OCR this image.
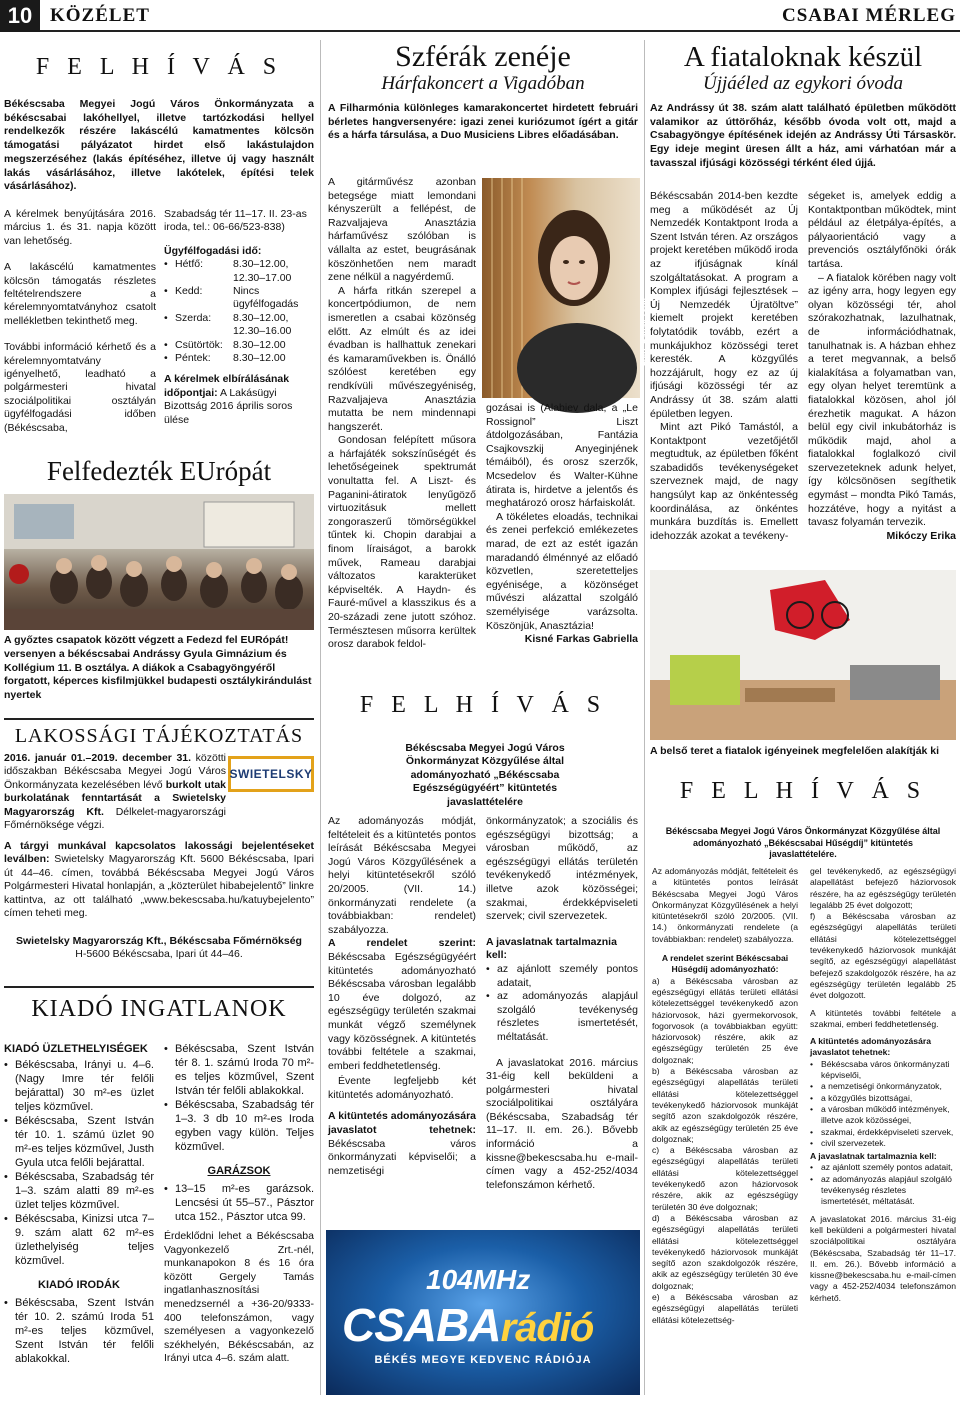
10 KÖZÉLET	CSABAI MÉRLEG
F E L H Í V Á S
Békéscsaba Megyei Jogú Város Önkormányzata a békéscsabai lakóhellyel, illetve tartózkodási hellyel rendelkezők részére lakáscélú kamatmentes kölcsön támogatási pályázatot hirdet első lakástulajdon megszerzéséhez (lakás építéséhez, illetve új vagy használt lakás vásárlásához, illetve lakótelek, építési telek vásárlásához).

A kérelmek benyújtására 2016. március 1. és 31. napja között van lehetőség.

A lakáscélú kamatmentes kölcsön támogatás részletes feltételrendszere a kérelemnyomtatványhoz csatolt mellékletben tekinthető meg.

További információ kérhető és a kérelemnyomtatvány igényelhető, leadható a polgármesteri hivatal szociálpolitikai osztályán ügyfélfogadási időben (Békéscsaba,

Szabadság tér 11–17. II. 23-as iroda, tel.: 06-66/523-838)

Ügyfélfogadási idő:

• Hétfő:	8.30–12.00, 12.30–17.00
• Kedd:	Nincs ügyfélfogadás
• Szerda:	8.30–12.00, 12.30–16.00
• Csütörtök: 8.30–12.00
• Péntek:	8.30–12.00

A kérelmek elbírálásának időpontjai: A Lakásügyi Bizottság 2016 április soros ülése

Felfedezték EUrópát
A győztes csapatok között végzett a Fedezd fel EURópát! versenyen a békéscsabai Andrássy Gyula Gimnázium és Kollégium 11. B osztálya. A diákok a Csabagyöngyéről forgatott, képerces kisfilmjükkel budapesti osztálykirándulást nyertek
LAKOSSÁGI TÁJÉKOZTATÁS
2016. január 01.–2019. december 31. közötti időszakban Békéscsaba Megyei Jogú Város Önkormányzata kezelésében lévő burkolt utak burkolatának fenntartását a Swietelsky Magyarország Kft. Délkelet-magyarországi Főmérnöksége végzi.
SWIETELSKY
A tárgyi munkával kapcsolatos lakossági bejelentéseket leválben: Swietelsky Magyarország Kft. 5600 Békéscsaba, Ipari út 44–46. címen, továbbá Békéscsaba Megyei Jogú Város Polgármesteri Hivatal honlapján, a „közterület hibabejelentő” linkre kattintva, az ott található „www.bekescsaba.hu/katuybejelento” címen teheti meg.

Swietelsky Magyarország Kft., Békéscsaba Főmérnökség

H-5600 Békéscsaba, Ipari út 44–46.

KIADÓ INGATLANOK

KIADÓ ÜZLETHELYISÉGEK

• Békéscsaba, Irányi u. 4–6. (Nagy Imre tér felőli bejárattal) 30 m²-es üzlet teljes közművel.
• Békéscsaba, Szent István tér 10. 1. számú üzlet 90 m²-es teljes közművel, Justh Gyula utca felőli bejárattal.
• Békéscsaba, Szabadság tér 1–3. szám alatti 89 m²-es üzlet teljes közművel.
• Békéscsaba, Kinizsi utca 7–9. szám alatt 62 m²-es üzlethelyiség teljes közművel.

KIADÓ IRODÁK

• Békéscsaba, Szent István tér 10. 2. számú Iroda 51 m²-es teljes közművel, Szent István tér felőli ablakokkal.
• Békéscsaba, Szent István tér 8. 1. számú Iroda 70 m²-es teljes közművel, Szent István tér felőli ablakokkal.
• Békéscsaba, Szabadság tér 1–3. 3 db 10 m²-es Iroda egyben vagy külön. Teljes közművel.

GARÁZSOK

• 13–15 m²-es garázsok. Lencsési út 55–57., Pásztor utca 152., Pásztor utca 99.

Érdeklődni lehet a Békéscsaba Vagyonkezelő Zrt.-nél, munkanapokon 8 és 16 óra között Gergely Tamás ingatlanhasznosítási menedzsernél a +36-20/9333-400 telefonszámon, vagy személyesen a vagyonkezelő székhelyén, Békéscsabán, az Irányi utca 4–6. szám alatt.

Szférák zenéje
Hárfakoncert a Vigadóban
A Filharmónia különleges kamarakoncertet hirdetett februári bérletes hangversenyére: igazi zenei kuriózumot ígért a gitár és a hárfa társulása, a Duo Musiciens Libres előadásában.

A gitárművész azonban betegsége miatt lemondani kényszerült a fellépést, de Razvaljajeva Anasztázia hárfaművész szólóban is vállalta az estet, beugrásának köszönhetően nem maradt zene nélkül a nagyérdemű.

A hárfa ritkán szerepel a koncertpódiumon, de nem ismeretlen a csabai közönség előtt. Az elmúlt és az idei évadban is hallhattuk zenekari és kamaraművekben is. Önálló szólóest keretében egy rendkívüli művészegyéniség, Razvaljajeva Anasztázia mutatta be nem mindennapi hangszerét.

Gondosan felépített műsora a hárfajáték sokszínűségét és lehetőségeinek spektrumát vonultatta fel. A Liszt- és Paganini-átiratok lenyűgöző virtuozitásuk mellett zongoraszerű tömörségükkel tűntek ki. Chopin darabjai a finom líraiságot, a barokk művek, Rameau darabjai változatos karakterüket képviselték. A Haydn- és Fauré-művel a klasszikus és a 20-századi zene jutott szóhoz. Természtesen műsorra kerültek orosz darabok feldol-

Fotó: Raffay Zsófi

gozásai is (Alabiev dala, a „Le Rossignol” Liszt átdolgozásában, Fantázia Csajkovszkij Anyeginjének témáiból), és orosz szerzők, Mcsedelov és Walter-Kühne átirata is, hirdetve a jelentős és meghatározó orosz hárfaiskolát.

A tökéletes eloadás, technikai és zenei perfekció emlékezetes marad, de ezt az estét igazán maradandó élménnyé az előadó közvetlen, szeretetteljes egyénisége, a közönséget művészi alázattal szolgáló személyisége varázsolta. Köszönjük, Anasztázia!

Kisné Farkas Gabriella

F E L H Í V Á S
Békéscsaba Megyei Jogú Város Önkormányzat Közgyűlése által adományozható „Békéscsaba Egészségügyéért” kitüntetés javaslattételére

Az adományozás módját, feltételeit és a kitüntetés pontos leírását Békéscsaba Megyei Jogú Város Közgyűlésének a helyi kitüntetésekről szóló 20/2005. (VII. 14.) önkormányzati rendelete (a továbbiakban: rendelet) szabályozza.

A rendelet szerint: Békéscsaba Egészségügyéért kitüntetés adományozható Békéscsaba városban legalább 10 éve dolgozó, az egészségügy területén szakmai munkát végző személynek vagy közösségnek. A kitüntetés további feltétele a szakmai, emberi feddhetetlenség.

Évente legfeljebb két kitüntetés adományozható.

A kitüntetés adományozására javaslatot tehetnek: Békéscsaba város önkormányzati képviselői; a nemzetiségi

önkormányzatok; a szociális és egészségügyi bizottság; a városban működő, az egészségügyi ellátás területén tevékenykedő intézmények, illetve azok közösségei; szakmai, érdekképviseleti szervek; civil szervezetek.

A javaslatnak tartalmaznia kell:

• az ajánlott személy pontos adatait,
• az adományozás alapjául szolgáló tevékenység részletes ismertetését, méltatását.

A javaslatokat 2016. március 31-éig kell beküldeni a polgármesteri hivatal szociálpolitikai osztályára (Békéscsaba, Szabadság tér 11–17. II. em. 26.). Bővebb információ a kissne@bekescsaba.hu e-mail-címen vagy a 452-252/4034 telefonszámon kérhető.

104MHz
CSABArádió
BÉKÉS MEGYE KEDVENC RÁDIÓJA
A fiataloknak készül
Újjáéled az egykori óvoda
Az Andrássy út 38. szám alatt található épületben működött valamikor az úttörőház, később óvoda volt ott, majd a Csabagyöngye építésének idején az Andrássy Úti Társaskör. Egy ideje megint üresen állt a ház, ami várhatóan már a tavasszal ifjúsági közösségi térként éled újjá.

Békéscsabán 2014-ben kezdte meg a működését az Új Nemzedék Kontaktpont Iroda a Szent István téren. Az országos projekt keretében működő iroda az ifjúságnak kínál szolgáltatásokat. A program a Komplex ifjúsági fejlesztések – Új Nemzedék Újratöltve” kiemelt projekt keretében folytatódik tovább, ezért a munkájukhoz közösségi teret keresték. A közgyűlés hozzájárult, hogy ez az új ifjúsági közösségi tér az Andrássy út 38. szám alatti épületben legyen.

Mint azt Pikó Tamástól, a Kontaktpont vezetőjétől megtudtuk, az épületben főként szabadidős tevékenységeket szerveznek majd, de nagy hangsúlyt kap az önkéntesség koordinálása, az önkéntes munkára buzdítás is. Emellett idehozzák azokat a tevékeny-

ségeket is, amelyek eddig a Kontaktpontban működtek, mint például az életpálya-építés, a pályaorientáció vagy a prevenciós osztályfőnöki órák tartása.

– A fiatalok körében nagy volt az igény arra, hogy legyen egy olyan közösségi tér, ahol szórakozhatnak, lazulhatnak, de információdhatnak, tanulhatnak is. A házban ehhez a teret megvannak, a belső kialakítása a folyamatban van, egy olyan helyet teremtünk a fiatalokkal közösen, ahol jól érezhetik magukat. A házon belül egy civil inkubátorház is működik majd, ahol a fiatalokkal foglalkozó civil szervezeteknek adunk helyet, így kölcsönösen segíthetik egymást – mondta Pikó Tamás, hozzátéve, hogy a nyitást a tavasz folyamán tervezik.

Mikóczy Erika

A belső teret a fiatalok igényeinek megfelelően alakítják ki
F E L H Í V Á S
Békéscsaba Megyei Jogú Város Önkormányzat Közgyűlése által adományozható „Békéscsabai Hűségdíj” kitüntetés javaslattételére.

Az adományozás módját, feltételeit és a kitüntetés pontos leírását Békéscsaba Megyei Jogú Város Önkormányzat Közgyűlésének a helyi kitüntetésekről szóló 20/2005. (VII. 14.) önkormányzati rendelete (a továbbiakban: rendelet) szabályozza.

A rendelet szerint Békéscsabai Hűségdíj adományozható:

a) a Békéscsaba városban az egészségügyi ellátás területi ellátási kötelezettséggel tevékenykedő azon háziorvosok, házi gyermekorvosok, fogorvosok (a továbbiakban együtt: háziorvosok) részére, akik az egészségügy területén 25 éve dolgoznak;

b) a Békéscsaba városban az egészségügyi alapellátás területi ellátási kötelezettséggel tevékenykedő háziorvosok munkáját segítő azon szakdolgozók részére, akik az egészségügy területén 25 éve dolgoznak;

c) a Békéscsaba városban az egészségügyi alapellátás területi ellátási kötelezettséggel tevékenykedő azon háziorvosok részére, akik az egészségügy területén 30 éve dolgoznak;

d) a Békéscsaba városban az egészségügyi alapellátás területi ellátási kötelezettséggel tevékenykedő háziorvosok munkáját segítő azon szakdolgozók részére, akik az egészségügy területén 30 éve dolgoznak;

e) a Békéscsaba városban az egészségügyi alapellátás területi ellátási kötelezettség-

gel tevékenykedő, az egészségügyi alapellátást befejező háziorvosok részére, ha az egészségügy területén legalább 25 évet dolgozott;

f) a Békéscsaba városban az egészségügyi alapellátás területi ellátási kötelezettséggel tevékenykedő háziorvosok munkáját segítő, az egészségügyi alapellátást befejező szakdolgozók részére, ha az egészségügy területén legalább 25 évet dolgozott.

A kitüntetés további feltétele a szakmai, emberi feddhetetlenség.

A kitüntetés adományozására javaslatot tehetnek:

• Békéscsaba város önkormányzati képviselői,
• a nemzetiségi önkormányzatok,
• a közgyűlés bizottságai,
• a városban működő intézmények, illetve azok közösségei,
• szakmai, érdekképviseleti szervek,
• civil szervezetek.

A javaslatnak tartalmaznia kell:

• az ajánlott személy pontos adatait,
• az adományozás alapjául szolgáló tevékenység részletes ismertetését, méltatását.

A javaslatokat 2016. március 31-éig kell beküldeni a polgármesteri hivatal szociálpolitikai osztályára (Békéscsaba, Szabadság tér 11–17. II. em. 26.). Bővebb információ a kissne@bekescsaba.hu e-mail-címen vagy a 452-252/4034 telefonszámon kérhető.
